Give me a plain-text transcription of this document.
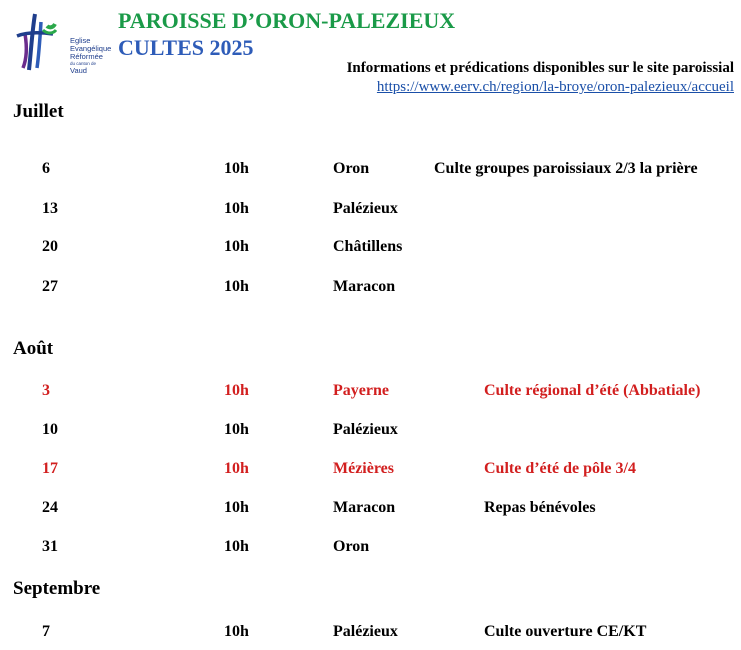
Eglise
Evangélique
Réformée
du canton de
Vaud
PAROISSE D’ORON-PALEZIEUX
CULTES 2025
Informations et prédications disponibles sur le site paroissial
https://www.eerv.ch/region/la-broye/oron-palezieux/accueil
Juillet
6	10h	Oron	Culte groupes paroissiaux 2/3 la prière
13	10h	Palézieux
20	10h	Châtillens
27	10h	Maracon
Août
3	10h	Payerne	Culte régional d’été (Abbatiale)
10	10h	Palézieux
17	10h	Mézières	Culte d’été de pôle 3/4
24	10h	Maracon	Repas bénévoles
31	10h	Oron
Septembre
7	10h	Palézieux	Culte ouverture CE/KT
